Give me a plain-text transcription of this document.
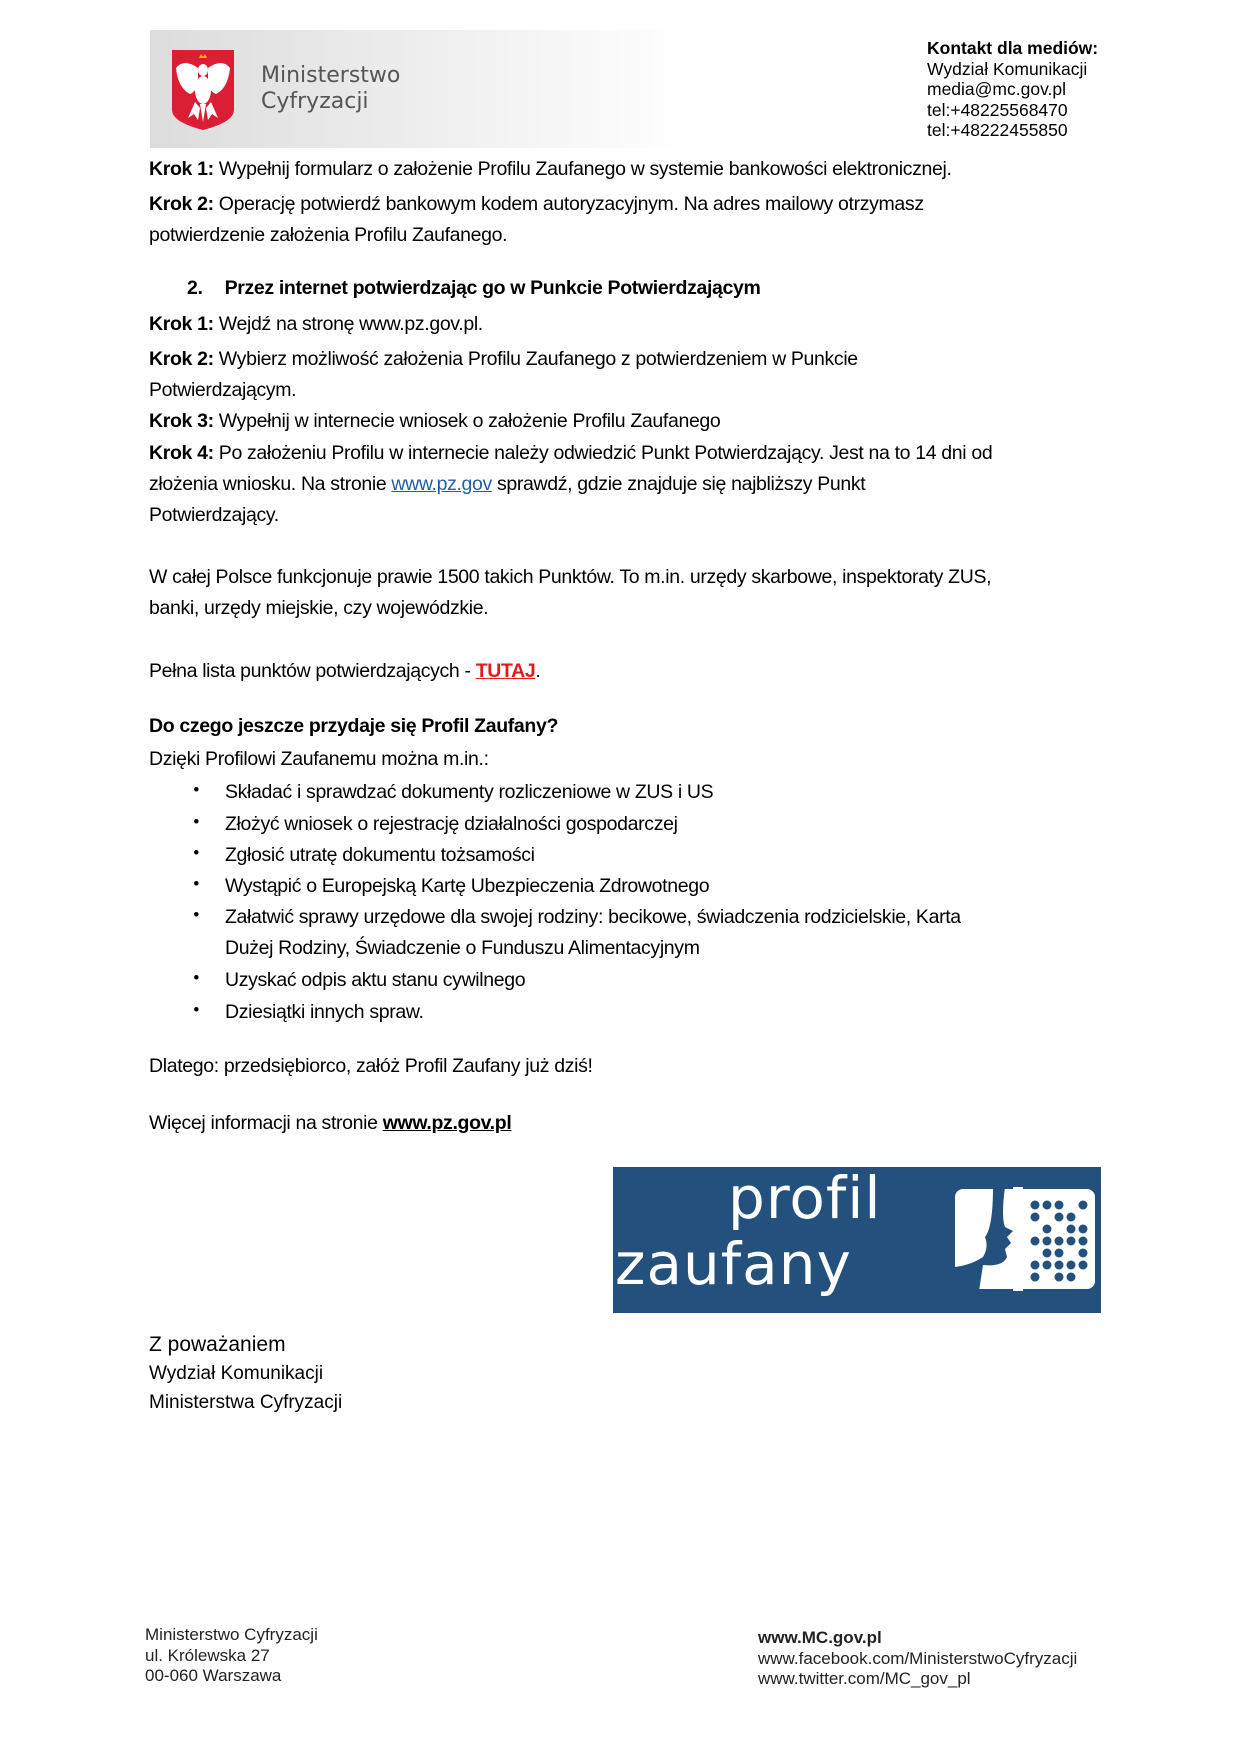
Ministerstwo
Cyfryzacji
Kontakt dla mediów:
Wydział Komunikacji
media@mc.gov.pl
tel:+48225568470
tel:+48222455850
Krok 1: Wypełnij formularz o założenie Profilu Zaufanego w systemie bankowości elektronicznej.
Krok 2: Operację potwierdź bankowym kodem autoryzacyjnym. Na adres mailowy otrzymasz
potwierdzenie założenia Profilu Zaufanego.
2. Przez internet potwierdzając go w Punkcie Potwierdzającym
Krok 1: Wejdź na stronę www.pz.gov.pl.
Krok 2: Wybierz możliwość założenia Profilu Zaufanego z potwierdzeniem w Punkcie
Potwierdzającym.
Krok 3: Wypełnij w internecie wniosek o założenie Profilu Zaufanego
Krok 4: Po założeniu Profilu w internecie należy odwiedzić Punkt Potwierdzający. Jest na to 14 dni od
złożenia wniosku. Na stronie www.pz.gov sprawdź, gdzie znajduje się najbliższy Punkt
Potwierdzający.
W całej Polsce funkcjonuje prawie 1500 takich Punktów. To m.in. urzędy skarbowe, inspektoraty ZUS,
banki, urzędy miejskie, czy wojewódzkie.
Pełna lista punktów potwierdzających - TUTAJ.
Do czego jeszcze przydaje się Profil Zaufany?
Dzięki Profilowi Zaufanemu można m.in.:
• Składać i sprawdzać dokumenty rozliczeniowe w ZUS i US
• Złożyć wniosek o rejestrację działalności gospodarczej
• Zgłosić utratę dokumentu tożsamości
• Wystąpić o Europejską Kartę Ubezpieczenia Zdrowotnego
• Załatwić sprawy urzędowe dla swojej rodziny: becikowe, świadczenia rodzicielskie, Karta
Dużej Rodziny, Świadczenie o Funduszu Alimentacyjnym
• Uzyskać odpis aktu stanu cywilnego
• Dziesiątki innych spraw.
Dlatego: przedsiębiorco, załóż Profil Zaufany już dziś!
Więcej informacji na stronie www.pz.gov.pl
profil
zaufany
Z poważaniem
Wydział Komunikacji
Ministerstwa Cyfryzacji
Ministerstwo Cyfryzacji
ul. Królewska 27
00-060 Warszawa
www.MC.gov.pl
www.facebook.com/MinisterstwoCyfryzacji
www.twitter.com/MC_gov_pl
